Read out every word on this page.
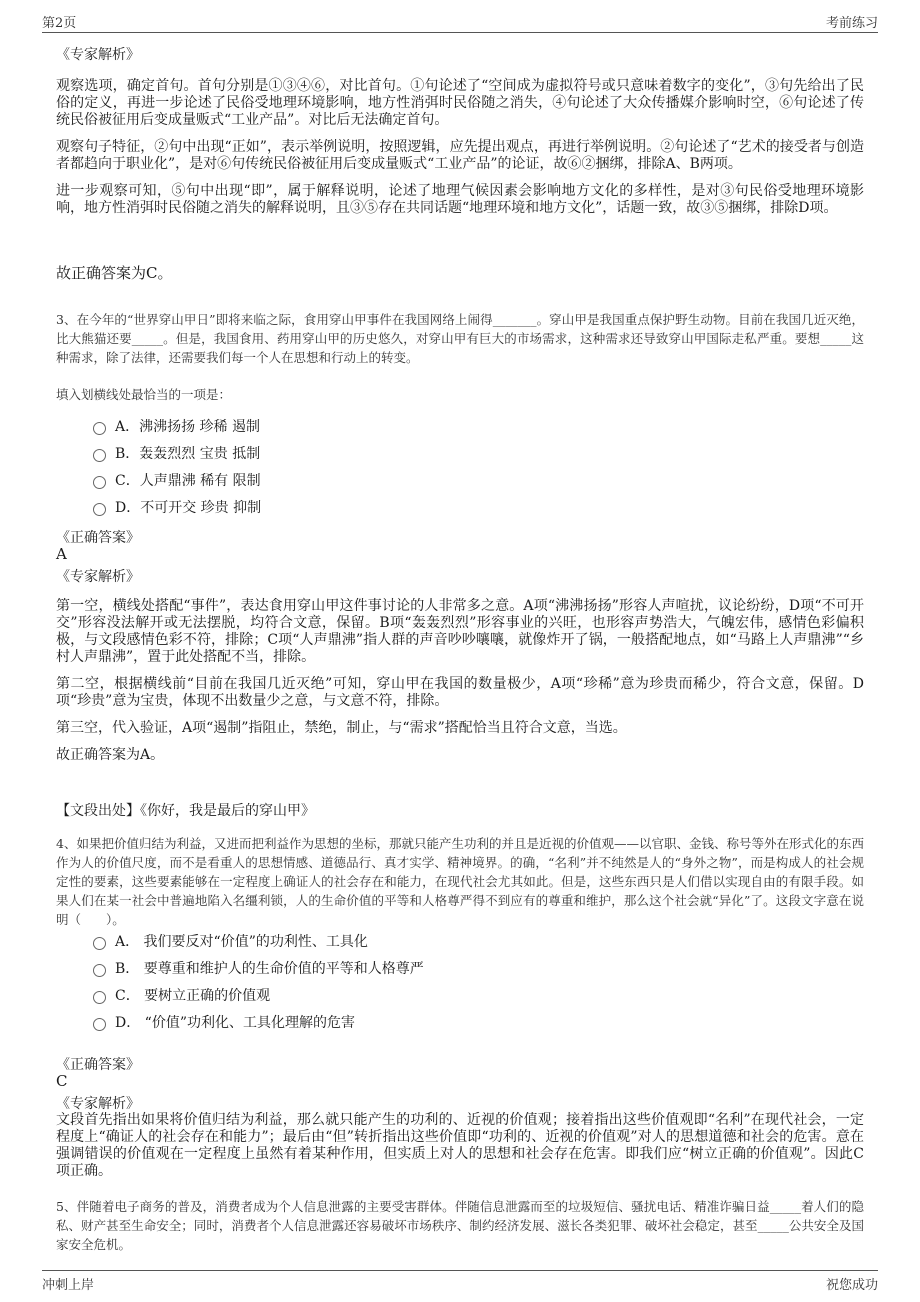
第2页	考前练习
《专家解析》

观察选项，确定首句。首句分别是①③④⑥，对比首句。①句论述了“空间成为虚拟符号或只意味着数字的变化”，③句先给出了民俗的定义，再进一步论述了民俗受地理环境影响，地方性消弭时民俗随之消失，④句论述了大众传播媒介影响时空，⑥句论述了传统民俗被征用后变成量贩式“工业产品”。对比后无法确定首句。

观察句子特征，②句中出现“正如”，表示举例说明，按照逻辑，应先提出观点，再进行举例说明。②句论述了“艺术的接受者与创造者都趋向于职业化”，是对⑥句传统民俗被征用后变成量贩式“工业产品”的论证，故⑥②捆绑，排除A、B两项。

进一步观察可知，⑤句中出现“即”，属于解释说明，论述了地理气候因素会影响地方文化的多样性，是对③句民俗受地理环境影响，地方性消弭时民俗随之消失的解释说明，且③⑤存在共同话题“地理环境和地方文化”，话题一致，故③⑤捆绑，排除D项。

故正确答案为C。
3、在今年的“世界穿山甲日”即将来临之际，食用穿山甲事件在我国网络上闹得_______。穿山甲是我国重点保护野生动物。目前在我国几近灭绝，比大熊猫还要_____。但是，我国食用、药用穿山甲的历史悠久，对穿山甲有巨大的市场需求，这种需求还导致穿山甲国际走私严重。要想_____这种需求，除了法律，还需要我们每一个人在思想和行动上的转变。
填入划横线处最恰当的一项是：
A．沸沸扬扬 珍稀 遏制
B．轰轰烈烈 宝贵 抵制
C．人声鼎沸 稀有 限制
D．不可开交 珍贵 抑制
《正确答案》
A
《专家解析》

第一空，横线处搭配“事件”，表达食用穿山甲这件事讨论的人非常多之意。A项“沸沸扬扬”形容人声喧扰，议论纷纷，D项“不可开交”形容没法解开或无法摆脱，均符合文意，保留。B项“轰轰烈烈”形容事业的兴旺，也形容声势浩大，气魄宏伟，感情色彩偏积极，与文段感情色彩不符，排除；C项“人声鼎沸”指人群的声音吵吵嚷嚷，就像炸开了锅，一般搭配地点，如“马路上人声鼎沸”“乡村人声鼎沸”，置于此处搭配不当，排除。

第二空，根据横线前“目前在我国几近灭绝”可知，穿山甲在我国的数量极少，A项“珍稀”意为珍贵而稀少，符合文意，保留。D项“珍贵”意为宝贵，体现不出数量少之意，与文意不符，排除。

第三空，代入验证，A项“遏制”指阻止，禁绝，制止，与“需求”搭配恰当且符合文意，当选。

故正确答案为A。

【文段出处】《你好，我是最后的穿山甲》
4、如果把价值归结为利益，又进而把利益作为思想的坐标，那就只能产生功利的并且是近视的价值观——以官职、金钱、称号等外在形式化的东西作为人的价值尺度，而不是看重人的思想情感、道德品行、真才实学、精神境界。的确，“名利”并不纯然是人的“身外之物”，而是构成人的社会规定性的要素，这些要素能够在一定程度上确证人的社会存在和能力，在现代社会尤其如此。但是，这些东西只是人们借以实现自由的有限手段。如果人们在某一社会中普遍地陷入名缰利锁，人的生命价值的平等和人格尊严得不到应有的尊重和维护，那么这个社会就“异化”了。这段文字意在说明（　　）。
A． 我们要反对“价值”的功利性、工具化
B． 要尊重和维护人的生命价值的平等和人格尊严
C． 要树立正确的价值观
D． “价值”功利化、工具化理解的危害
《正确答案》
C
《专家解析》
文段首先指出如果将价值归结为利益，那么就只能产生的功利的、近视的价值观；接着指出这些价值观即“名利”在现代社会，一定程度上“确证人的社会存在和能力”；最后由“但”转折指出这些价值即“功利的、近视的价值观”对人的思想道德和社会的危害。意在强调错误的价值观在一定程度上虽然有着某种作用，但实质上对人的思想和社会存在危害。即我们应“树立正确的价值观”。因此C项正确。
5、伴随着电子商务的普及，消费者成为个人信息泄露的主要受害群体。伴随信息泄露而至的垃圾短信、骚扰电话、精准诈骗日益_____着人们的隐私、财产甚至生命安全；同时，消费者个人信息泄露还容易破坏市场秩序、制约经济发展、滋长各类犯罪、破坏社会稳定，甚至_____公共安全及国家安全危机。
冲刺上岸	祝您成功
